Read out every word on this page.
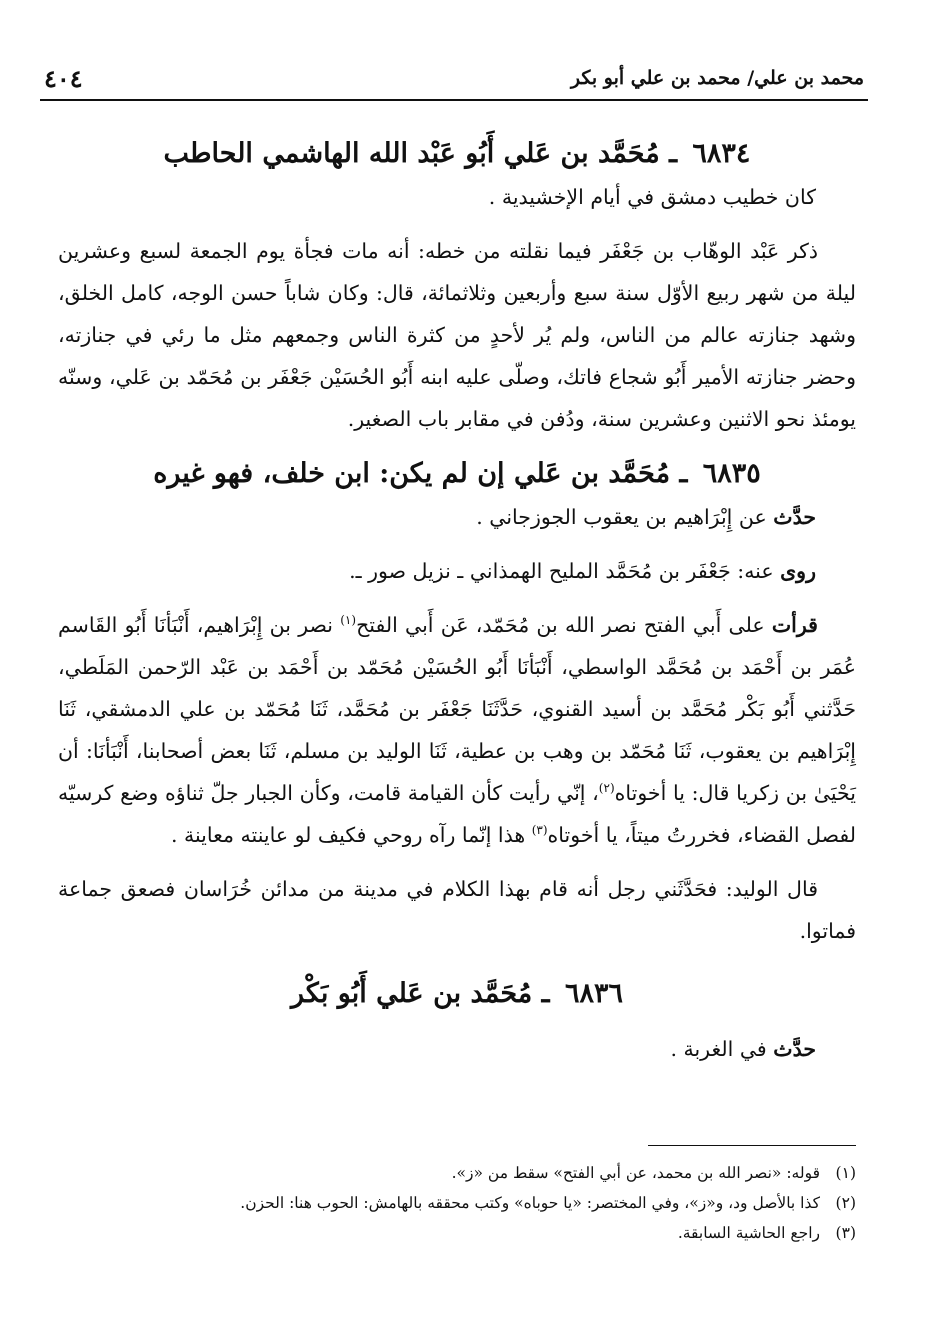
محمد بن علي/ محمد بن علي أبو بكر
٤٠٤
٦٨٣٤ ـ مُحَمَّد بن عَلي أَبُو عَبْد الله الهاشمي الحاطب

كان خطيب دمشق في أيام الإخشيدية .

ذكر عَبْد الوهّاب بن جَعْفَر فيما نقلته من خطه: أنه مات فجأة يوم الجمعة لسبع وعشرين ليلة من شهر ربيع الأوّل سنة سبع وأربعين وثلاثمائة، قال: وكان شاباً حسن الوجه، كامل الخلق، وشهد جنازته عالم من الناس، ولم يُر لأحدٍ من كثرة الناس وجمعهم مثل ما رئي في جنازته، وحضر جنازته الأمير أَبُو شجاع فاتك، وصلّى عليه ابنه أَبُو الحُسَيْن جَعْفَر بن مُحَمّد بن عَلي، وسنّه يومئذ نحو الاثنين وعشرين سنة، ودُفن في مقابر باب الصغير.

٦٨٣٥ ـ مُحَمَّد بن عَلي إن لم يكن: ابن خلف، فهو غيره

حدَّث عن إِبْرَاهيم بن يعقوب الجوزجاني .

روى عنه: جَعْفَر بن مُحَمَّد المليح الهمذاني ـ نزيل صور ـ.

قرأت على أَبي الفتح نصر الله بن مُحَمّد، عَن أَبي الفتح$^{(١)}$ نصر بن إِبْرَاهيم، أَنْبَأنَا أَبُو القَاسم عُمَر بن أَحْمَد بن مُحَمَّد الواسطي، أَنْبَأنَا أَبُو الحُسَيْن مُحَمّد بن أَحْمَد بن عَبْد الرّحمن المَلَطي، حَدَّثني أَبُو بَكْر مُحَمَّد بن أسيد القنوي، حَدَّثَنَا جَعْفَر بن مُحَمَّد، ثَنَا مُحَمّد بن علي الدمشقي، ثَنَا إِبْرَاهيم بن يعقوب، ثَنَا مُحَمّد بن وهب بن عطية، ثَنَا الوليد بن مسلم، ثَنَا بعض أصحابنا، أَنْبَأنَا: أن يَحْيَىٰ بن زكريا قال: يا أخوتاه$^{(٢)}$، إنّي رأيت كأن القيامة قامت، وكأن الجبار جلّ ثناؤه وضع كرسيّه لفصل القضاء، فخررتُ ميتاً، يا أخوتاه$^{(٣)}$ هذا إنّما رآه روحي فكيف لو عاينته معاينة .

قال الوليد: فحَدَّثَني رجل أنه قام بهذا الكلام في مدينة من مدائن خُرَاسان فصعق جماعة فماتوا.

٦٨٣٦ ـ مُحَمَّد بن عَلي أَبُو بَكْر

حدَّث في الغربة .

(١)
قوله: «نصر الله بن محمد، عن أبي الفتح» سقط من «ز».
(٢)
كذا بالأصل ود، و«ز»، وفي المختصر: «يا حوباه» وكتب محققه بالهامش: الحوب هنا: الحزن.
(٣)
راجع الحاشية السابقة.
